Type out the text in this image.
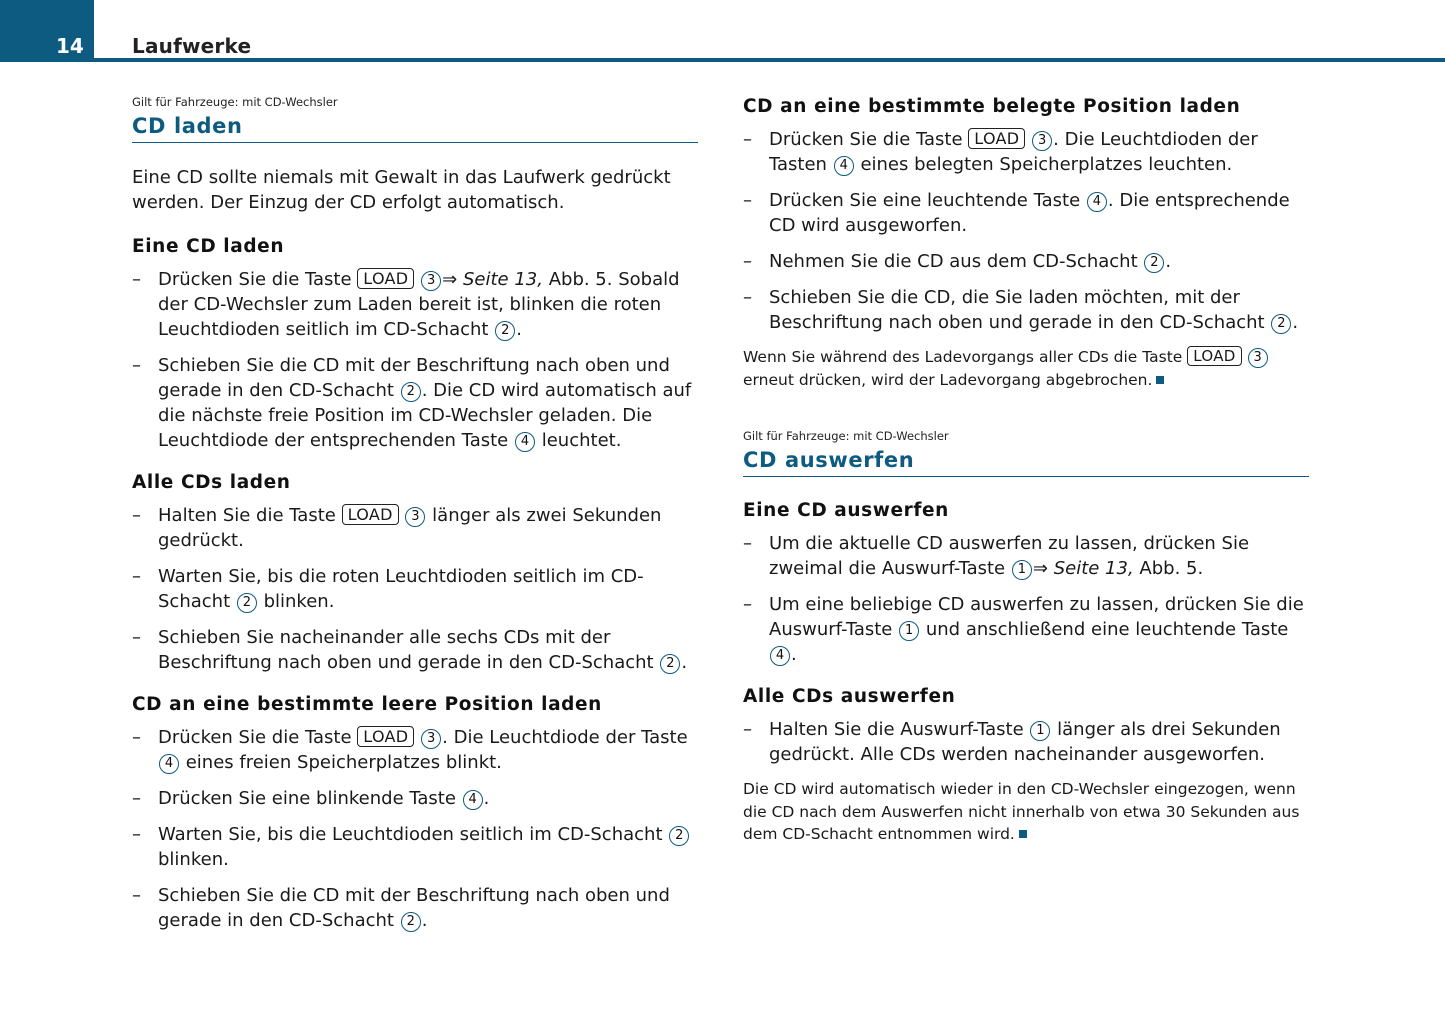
14	Laufwerke

Gilt für Fahrzeuge: mit CD-Wechsler

CD laden

Eine CD sollte niemals mit Gewalt in das Laufwerk gedrückt werden. Der Einzug der CD erfolgt automatisch.

Eine CD laden
– Drücken Sie die Taste LOAD 3 ⇒ Seite 13, Abb. 5. Sobald der CD-Wechsler zum Laden bereit ist, blinken die roten Leuchtdioden seitlich im CD-Schacht 2 .
– Schieben Sie die CD mit der Beschriftung nach oben und gerade in den CD-Schacht 2 . Die CD wird automatisch auf die nächste freie Position im CD-Wechsler geladen. Die Leuchtdiode der entsprechenden Taste 4 leuchtet.
Alle CDs laden
– Halten Sie die Taste LOAD 3 länger als zwei Sekunden gedrückt.
– Warten Sie, bis die roten Leuchtdioden seitlich im CD-Schacht 2 blinken.
– Schieben Sie nacheinander alle sechs CDs mit der Beschriftung nach oben und gerade in den CD-Schacht 2 .
CD an eine bestimmte leere Position laden
– Drücken Sie die Taste LOAD 3 . Die Leuchtdiode der Taste 4 eines freien Speicherplatzes blinkt.
– Drücken Sie eine blinkende Taste 4 .
– Warten Sie, bis die Leuchtdioden seitlich im CD-Schacht 2 blinken.
– Schieben Sie die CD mit der Beschriftung nach oben und gerade in den CD-Schacht 2 .
CD an eine bestimmte belegte Position laden
– Drücken Sie die Taste LOAD 3 . Die Leuchtdioden der Tasten 4 eines belegten Speicherplatzes leuchten.
– Drücken Sie eine leuchtende Taste 4 . Die entsprechende CD wird ausgeworfen.
– Nehmen Sie die CD aus dem CD-Schacht 2 .
– Schieben Sie die CD, die Sie laden möchten, mit der Beschriftung nach oben und gerade in den CD-Schacht 2 .

Wenn Sie während des Ladevorgangs aller CDs die Taste LOAD 3 erneut drücken, wird der Ladevorgang abgebrochen.

Gilt für Fahrzeuge: mit CD-Wechsler

CD auswerfen
Eine CD auswerfen
– Um die aktuelle CD auswerfen zu lassen, drücken Sie zweimal die Auswurf-Taste 1 ⇒ Seite 13, Abb. 5.
– Um eine beliebige CD auswerfen zu lassen, drücken Sie die Auswurf-Taste 1 und anschließend eine leuchtende Taste 4 .
Alle CDs auswerfen
– Halten Sie die Auswurf-Taste 1 länger als drei Sekunden gedrückt. Alle CDs werden nacheinander ausgeworfen.

Die CD wird automatisch wieder in den CD-Wechsler eingezogen, wenn die CD nach dem Auswerfen nicht innerhalb von etwa 30 Sekunden aus dem CD-Schacht entnommen wird.
